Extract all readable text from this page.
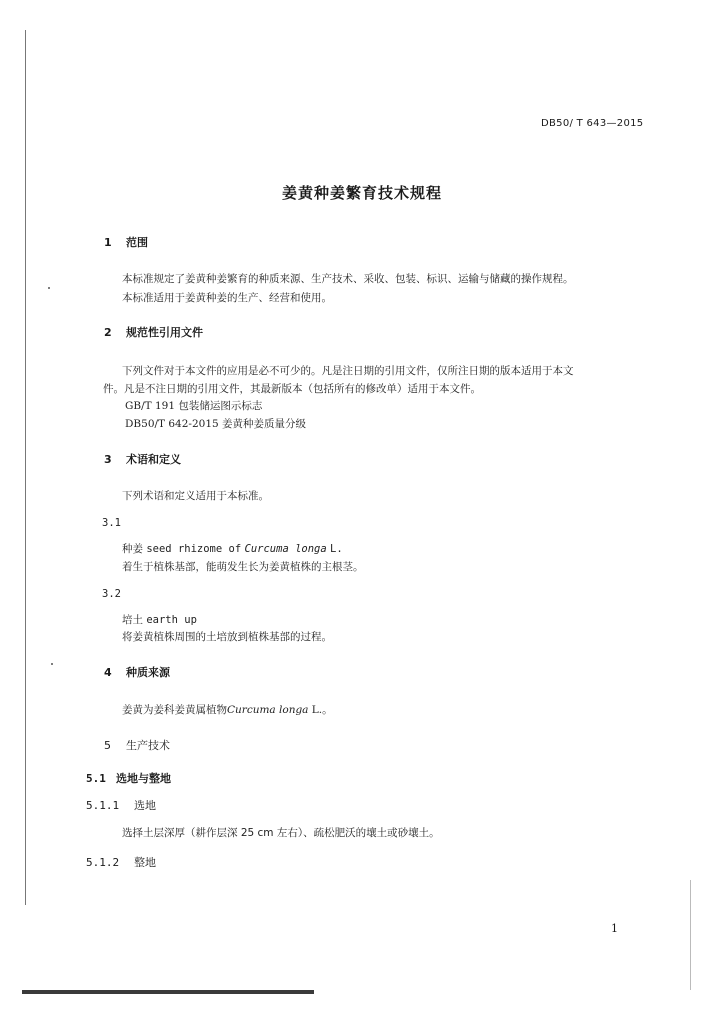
DB50/ T 643—2015
姜黄种姜繁育技术规程
1 范围
本标准规定了姜黄种姜繁育的种质来源、生产技术、采收、包装、标识、运输与储藏的操作规程。
本标准适用于姜黄种姜的生产、经营和使用。
2 规范性引用文件
下列文件对于本文件的应用是必不可少的。凡是注日期的引用文件，仅所注日期的版本适用于本文
件。凡是不注日期的引用文件，其最新版本（包括所有的修改单）适用于本文件。
GB/T 191 包装储运图示标志
DB50/T 642-2015 姜黄种姜质量分级
3 术语和定义
下列术语和定义适用于本标准。
3.1
种姜 seed rhizome of Curcuma longa L.
着生于植株基部，能萌发生长为姜黄植株的主根茎。
3.2
培土 earth up
将姜黄植株周围的土培放到植株基部的过程。
4 种质来源
姜黄为姜科姜黄属植物Curcuma longa L.。
5 生产技术
5.1 选地与整地
5.1.1 选地
选择土层深厚（耕作层深 25 cm 左右）、疏松肥沃的壤土或砂壤土。
5.1.2 整地
1
